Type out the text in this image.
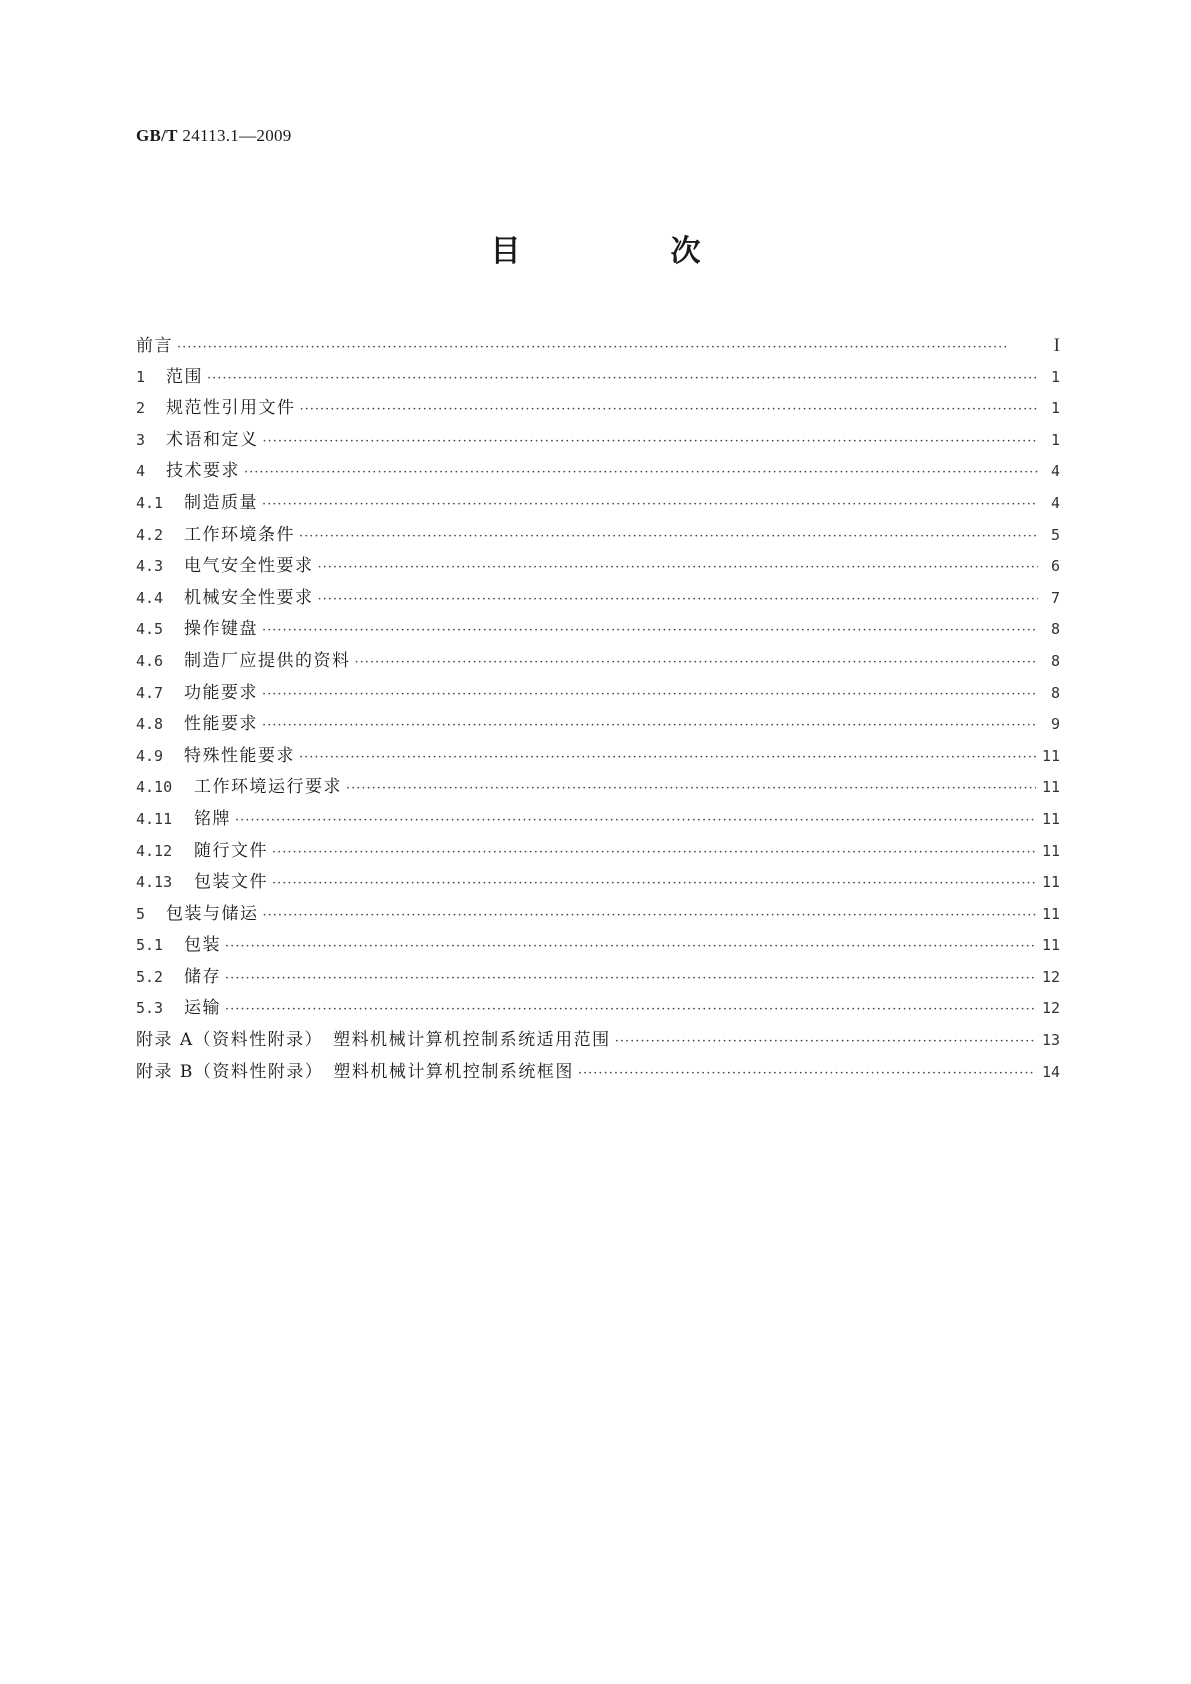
GB/T 24113.1—2009
目　次
前言 ·····	I
1	范围 ·····	1
2	规范性引用文件 ·····	1
3	术语和定义 ·····	1
4	技术要求 ·····	4
4.1	制造质量 ·····	4
4.2	工作环境条件 ·····	5
4.3	电气安全性要求 ·····	6
4.4	机械安全性要求 ·····	7
4.5	操作键盘 ·····	8
4.6	制造厂应提供的资料 ·····	8
4.7	功能要求 ·····	8
4.8	性能要求 ·····	9
4.9	特殊性能要求 ·····	11
4.10	工作环境运行要求 ·····	11
4.11	铭牌 ·····	11
4.12	随行文件 ·····	11
4.13	包装文件 ·····	11
5	包装与储运 ·····	11
5.1	包装 ·····	11
5.2	储存 ·····	12
5.3	运输 ·····	12
附录 A（资料性附录）　塑料机械计算机控制系统适用范围 ·····	13
附录 B（资料性附录）　塑料机械计算机控制系统框图 ·····	14
